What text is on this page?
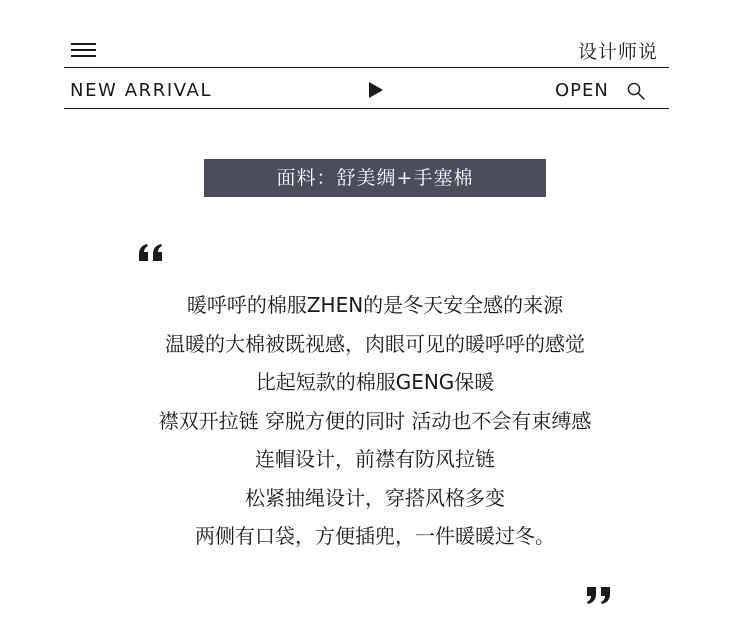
设计师说
NEW ARRIVAL	OPEN
面料：舒美绸+手塞棉
暖呼呼的棉服ZHEN的是冬天安全感的来源
温暖的大棉被既视感，肉眼可见的暖呼呼的感觉
比起短款的棉服GENG保暖
襟双开拉链 穿脱方便的同时 活动也不会有束缚感
连帽设计，前襟有防风拉链
松紧抽绳设计，穿搭风格多变
两侧有口袋，方便插兜，一件暖暖过冬。
